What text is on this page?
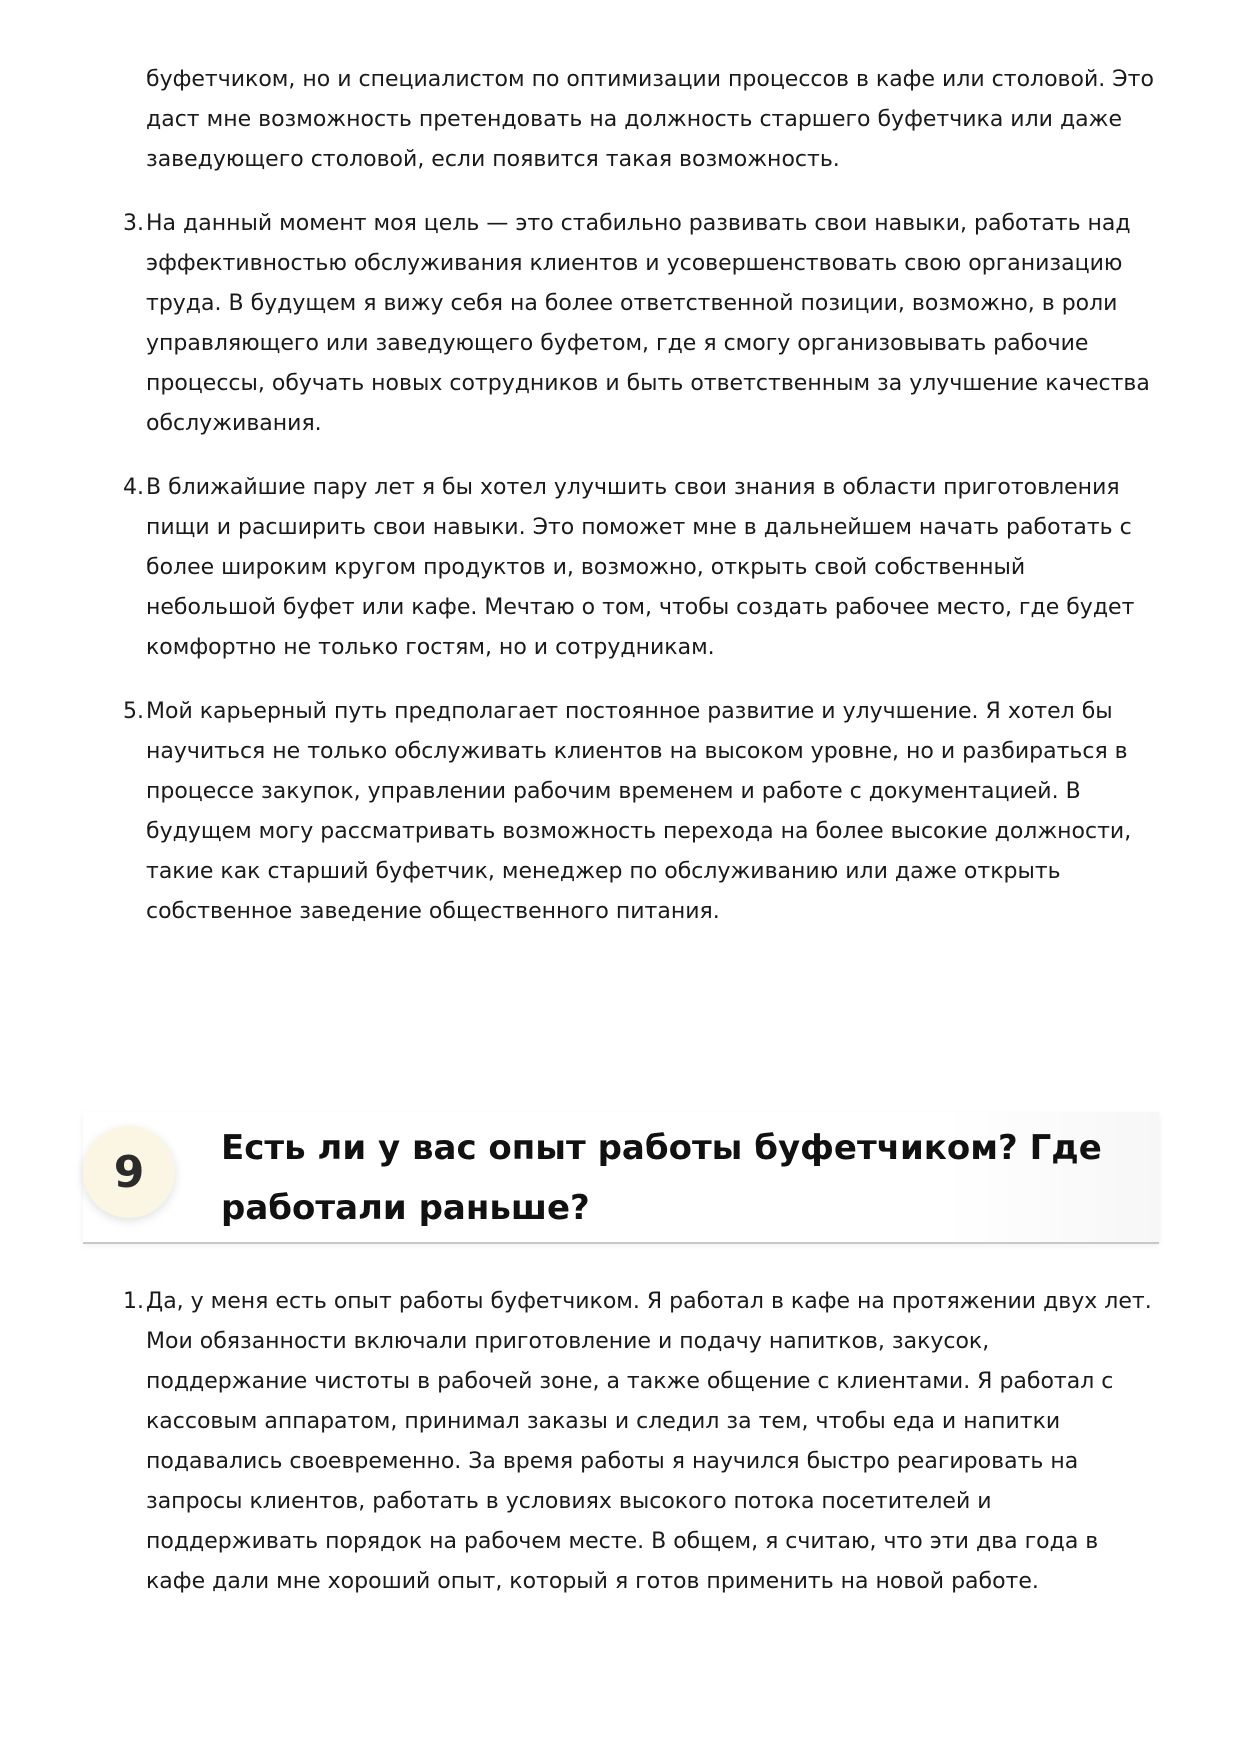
буфетчиком, но и специалистом по оптимизации процессов в кафе или столовой. Это даст мне возможность претендовать на должность старшего буфетчика или даже заведующего столовой, если появится такая возможность.

3. На данный момент моя цель — это стабильно развивать свои навыки, работать над эффективностью обслуживания клиентов и усовершенствовать свою организацию труда. В будущем я вижу себя на более ответственной позиции, возможно, в роли управляющего или заведующего буфетом, где я смогу организовывать рабочие процессы, обучать новых сотрудников и быть ответственным за улучшение качества обслуживания.
4. В ближайшие пару лет я бы хотел улучшить свои знания в области приготовления пищи и расширить свои навыки. Это поможет мне в дальнейшем начать работать с более широким кругом продуктов и, возможно, открыть свой собственный небольшой буфет или кафе. Мечтаю о том, чтобы создать рабочее место, где будет комфортно не только гостям, но и сотрудникам.
5. Мой карьерный путь предполагает постоянное развитие и улучшение. Я хотел бы научиться не только обслуживать клиентов на высоком уровне, но и разбираться в процессе закупок, управлении рабочим временем и работе с документацией. В будущем могу рассматривать возможность перехода на более высокие должности, такие как старший буфетчик, менеджер по обслуживанию или даже открыть собственное заведение общественного питания.
9	Есть ли у вас опыт работы буфетчиком? Где работали раньше?
1. Да, у меня есть опыт работы буфетчиком. Я работал в кафе на протяжении двух лет. Мои обязанности включали приготовление и подачу напитков, закусок, поддержание чистоты в рабочей зоне, а также общение с клиентами. Я работал с кассовым аппаратом, принимал заказы и следил за тем, чтобы еда и напитки подавались своевременно. За время работы я научился быстро реагировать на запросы клиентов, работать в условиях высокого потока посетителей и поддерживать порядок на рабочем месте. В общем, я считаю, что эти два года в кафе дали мне хороший опыт, который я готов применить на новой работе.
